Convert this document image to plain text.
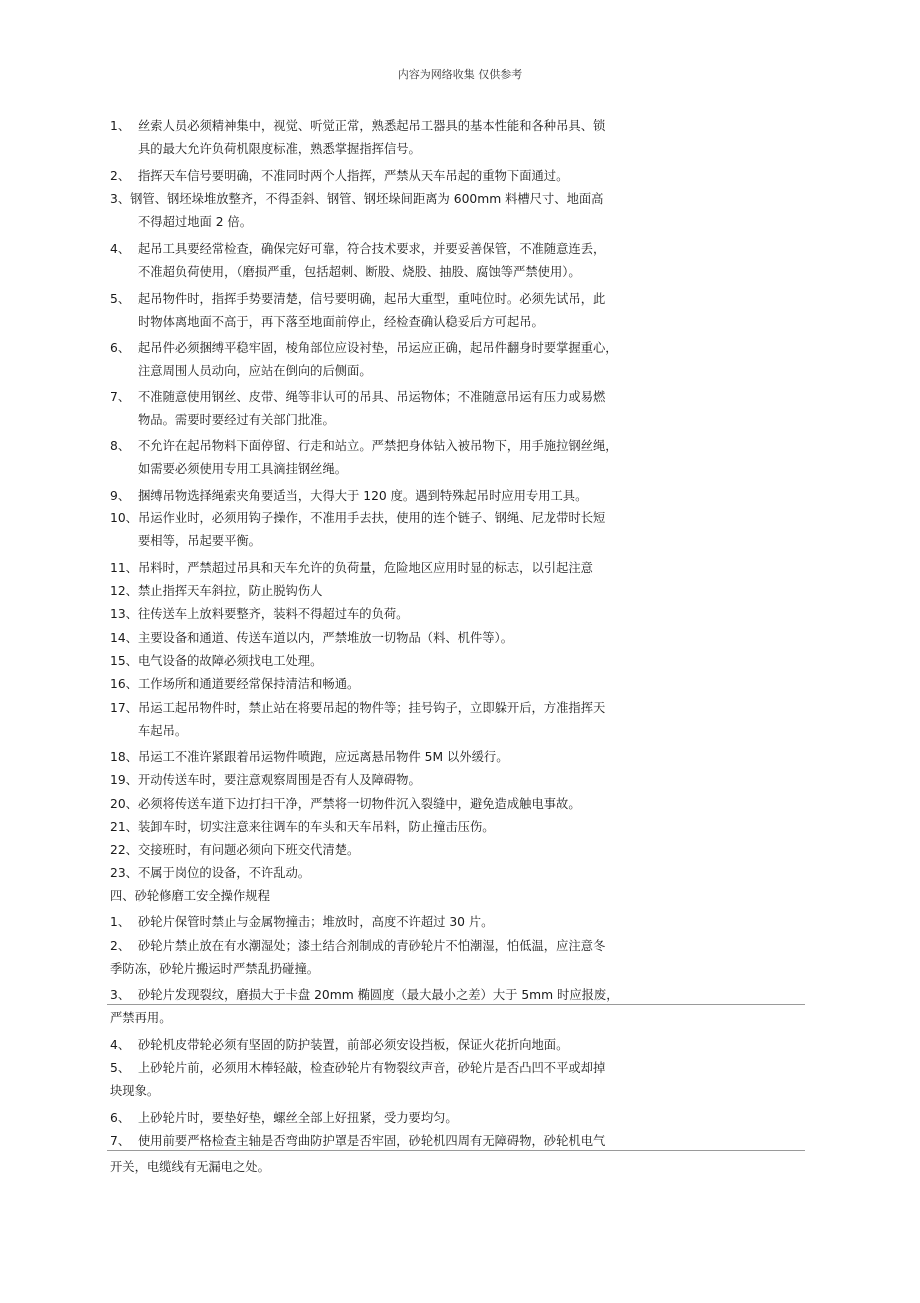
内容为网络收集 仅供参考
1、 丝索人员必须精神集中，视觉、听觉正常，熟悉起吊工器具的基本性能和各种吊具、锁
具的最大允许负荷机限度标准，熟悉掌握指挥信号。
2、 指挥天车信号要明确，不准同时两个人指挥，严禁从天车吊起的重物下面通过。
3、钢管、钢坯垛堆放整齐，不得歪斜、钢管、钢坯垛间距离为 600mm 料槽尺寸、地面高
不得超过地面 2 倍。
4、 起吊工具要经常检查，确保完好可靠，符合技术要求，并要妥善保管，不准随意连丢，
不准超负荷使用，（磨损严重，包括超刺、断股、烧股、抽股、腐蚀等严禁使用）。
5、 起吊物件时，指挥手势要清楚，信号要明确，起吊大重型，重吨位时。必须先试吊，此
时物体离地面不高于，再下落至地面前停止，经检查确认稳妥后方可起吊。
6、 起吊件必须捆缚平稳牢固，棱角部位应设衬垫，吊运应正确，起吊件翻身时要掌握重心，
注意周围人员动向，应站在倒向的后侧面。
7、 不准随意使用钢丝、皮带、绳等非认可的吊具、吊运物体；不准随意吊运有压力或易燃
物品。需要时要经过有关部门批准。
8、 不允许在起吊物料下面停留、行走和站立。严禁把身体钻入被吊物下，用手施拉钢丝绳，
如需要必须使用专用工具滴挂钢丝绳。
9、 捆缚吊物选择绳索夹角要适当，大得大于 120 度。遇到特殊起吊时应用专用工具。
10、吊运作业时，必须用钩子操作，不准用手去扶，使用的连个链子、钢绳、尼龙带时长短
要相等，吊起要平衡。
11、吊料时，严禁超过吊具和天车允许的负荷量，危险地区应用时显的标志，以引起注意
12、禁止指挥天车斜拉，防止脱钩伤人
13、往传送车上放料要整齐，装料不得超过车的负荷。
14、主要设备和通道、传送车道以内，严禁堆放一切物品（料、机件等）。
15、电气设备的故障必须找电工处理。
16、工作场所和通道要经常保持清洁和畅通。
17、吊运工起吊物件时，禁止站在将要吊起的物件等；挂号钩子，立即躲开后，方准指挥天
车起吊。
18、吊运工不准许紧跟着吊运物件喷跑，应远离悬吊物件 5M 以外缓行。
19、开动传送车时，要注意观察周围是否有人及障碍物。
20、必须将传送车道下边打扫干净，严禁将一切物件沉入裂缝中，避免造成触电事故。
21、装卸车时，切实注意来往调车的车头和天车吊料，防止撞击压伤。
22、交接班时，有问题必须向下班交代清楚。
23、不属于岗位的设备，不许乱动。
四、砂轮修磨工安全操作规程
1、 砂轮片保管时禁止与金属物撞击；堆放时，高度不许超过 30 片。
2、 砂轮片禁止放在有水潮湿处；漆土结合剂制成的青砂轮片不怕潮湿，怕低温，应注意冬
季防冻，砂轮片搬运时严禁乱扔碰撞。
3、 砂轮片发现裂纹，磨损大于卡盘 20mm 椭圆度（最大最小之差）大于 5mm 时应报废，
严禁再用。
4、 砂轮机皮带轮必须有坚固的防护装置，前部必须安设挡板，保证火花折向地面。
5、 上砂轮片前，必须用木棒轻敲，检查砂轮片有物裂纹声音，砂轮片是否凸凹不平或却掉
块现象。
6、 上砂轮片时，要垫好垫，螺丝全部上好扭紧，受力要均匀。
7、 使用前要严格检查主轴是否弯曲防护罩是否牢固，砂轮机四周有无障碍物，砂轮机电气
开关，电缆线有无漏电之处。
